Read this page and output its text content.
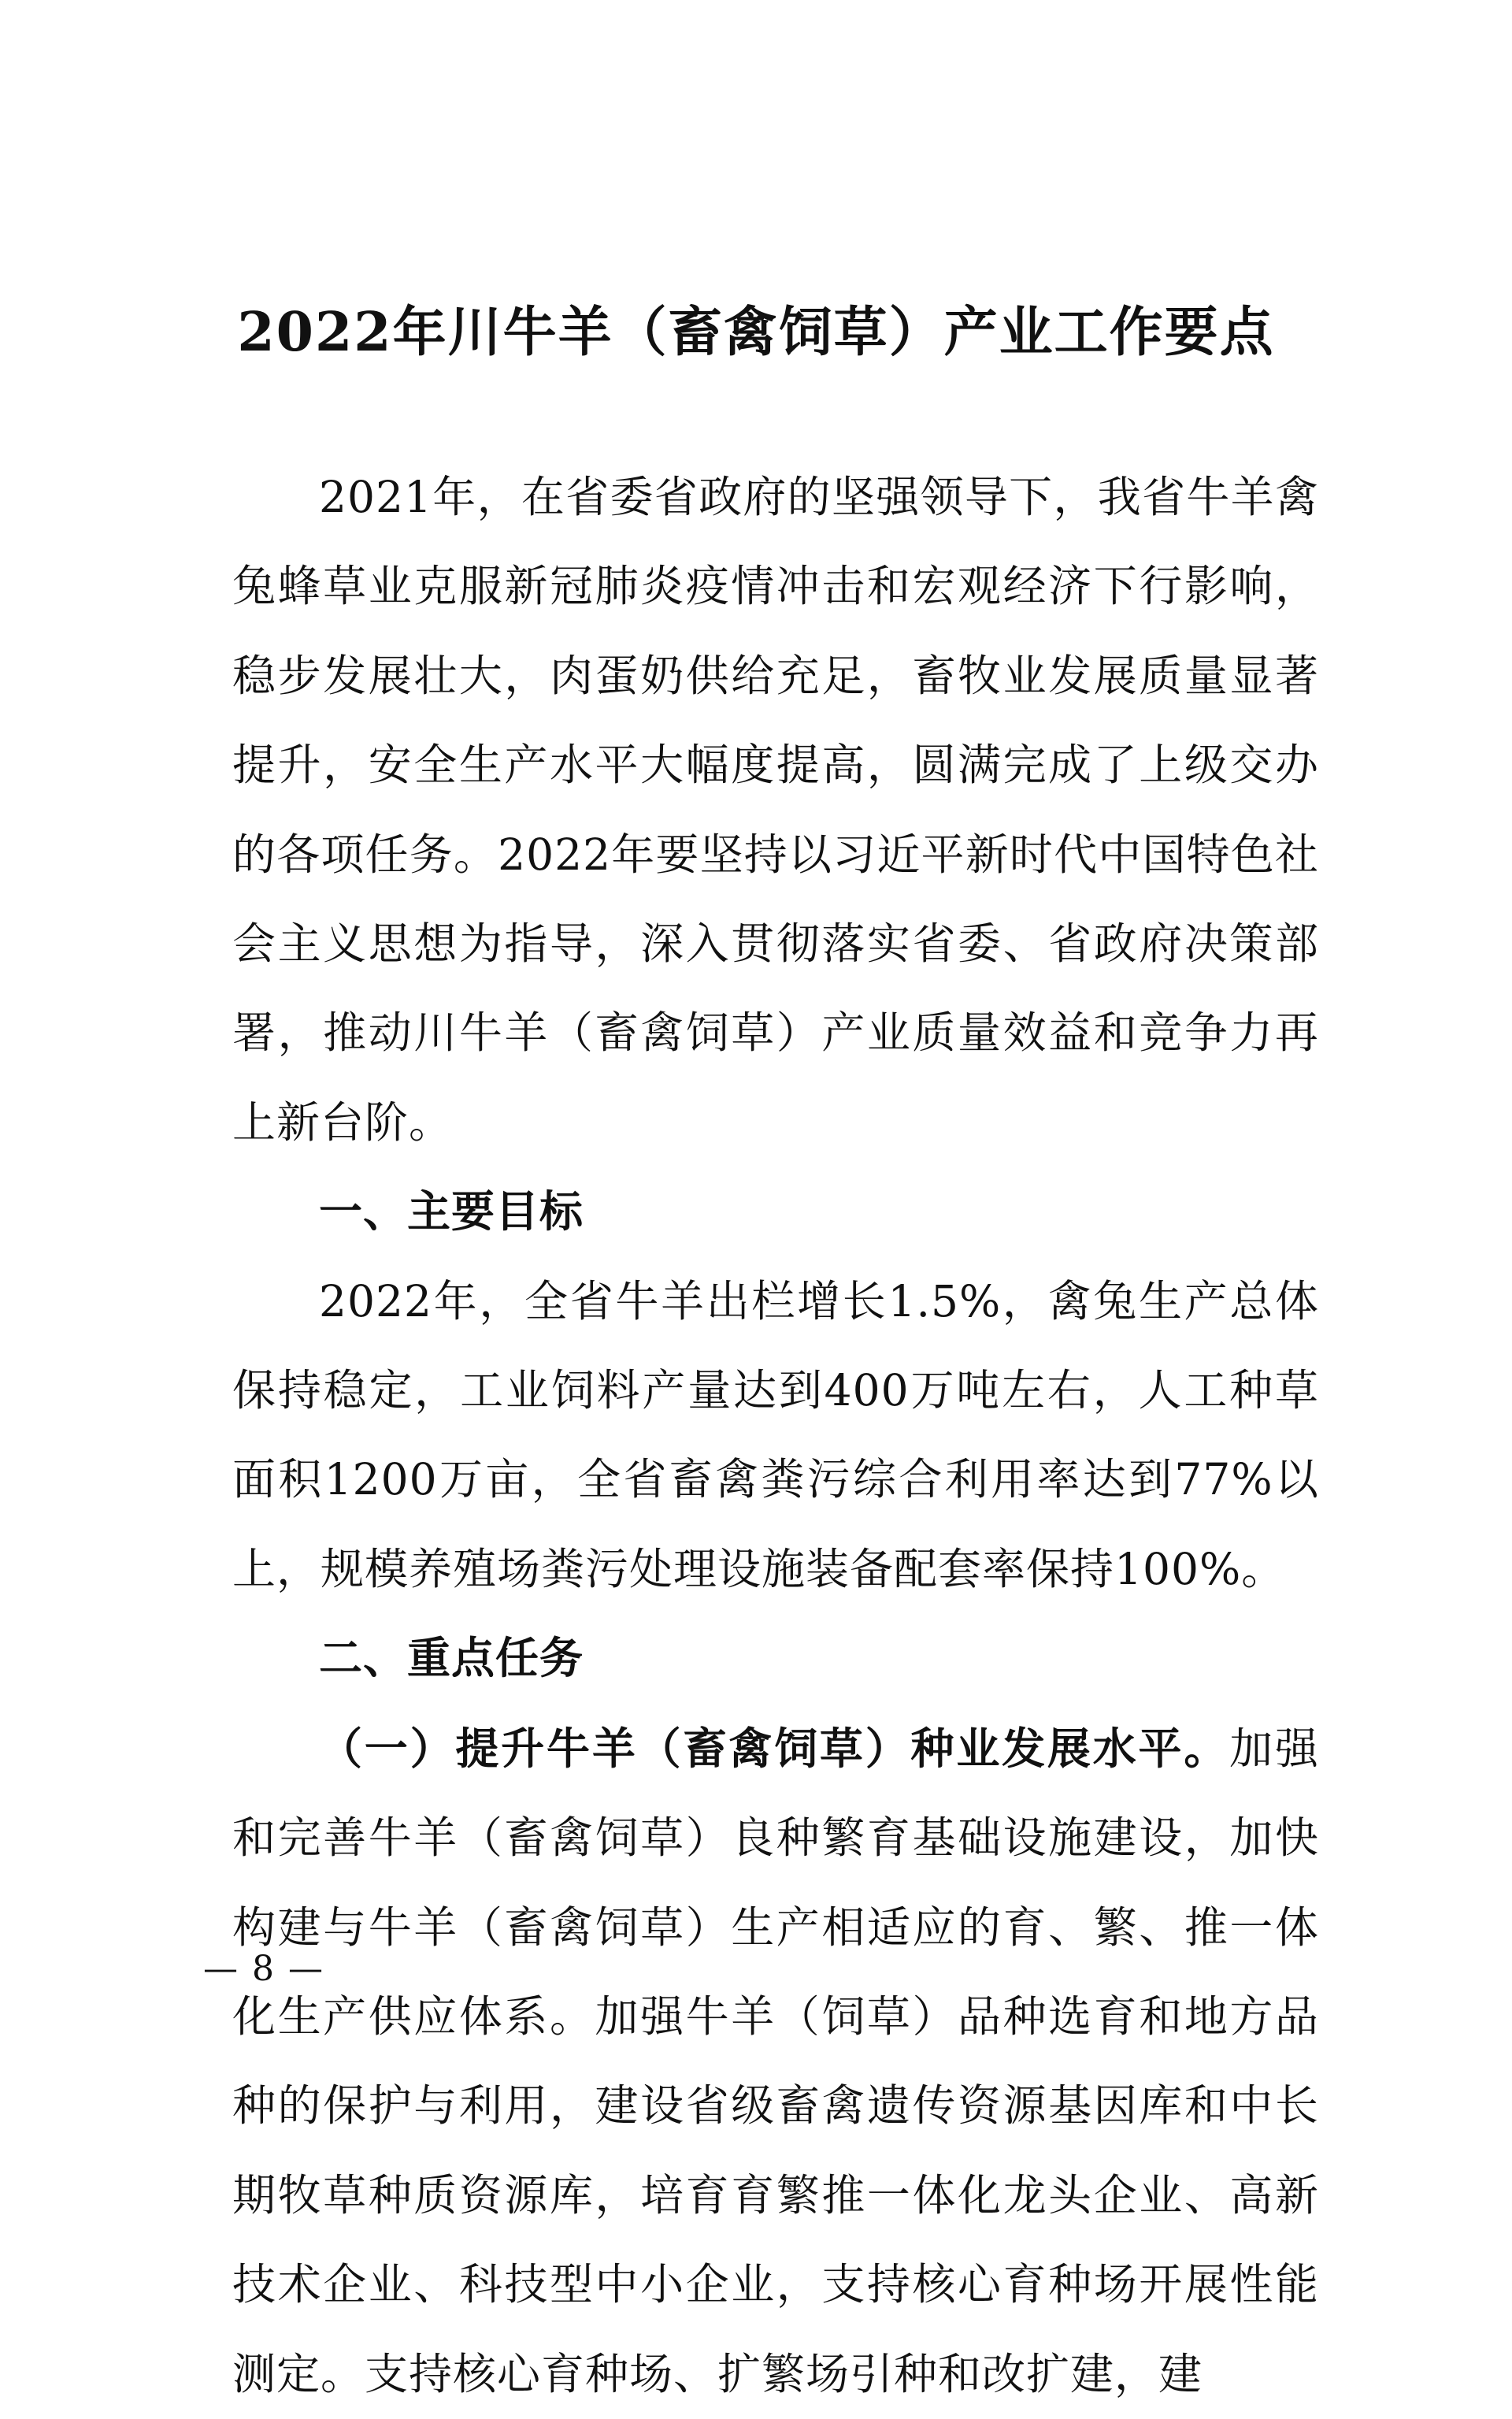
2022年川牛羊（畜禽饲草）产业工作要点

2021年，在省委省政府的坚强领导下，我省牛羊禽兔蜂草业克服新冠肺炎疫情冲击和宏观经济下行影响，稳步发展壮大，肉蛋奶供给充足，畜牧业发展质量显著提升，安全生产水平大幅度提高，圆满完成了上级交办的各项任务。2022年要坚持以习近平新时代中国特色社会主义思想为指导，深入贯彻落实省委、省政府决策部署，推动川牛羊（畜禽饲草）产业质量效益和竞争力再上新台阶。

一、主要目标

2022年，全省牛羊出栏增长1.5%，禽兔生产总体保持稳定，工业饲料产量达到400万吨左右，人工种草面积1200万亩，全省畜禽粪污综合利用率达到77%以上，规模养殖场粪污处理设施装备配套率保持100%。

二、重点任务

（一）提升牛羊（畜禽饲草）种业发展水平。加强和完善牛羊（畜禽饲草）良种繁育基础设施建设，加快构建与牛羊（畜禽饲草）生产相适应的育、繁、推一体化生产供应体系。加强牛羊（饲草）品种选育和地方品种的保护与利用，建设省级畜禽遗传资源基因库和中长期牧草种质资源库，培育育繁推一体化龙头企业、高新技术企业、科技型中小企业，支持核心育种场开展性能测定。支持核心育种场、扩繁场引种和改扩建，建

— 8 —
